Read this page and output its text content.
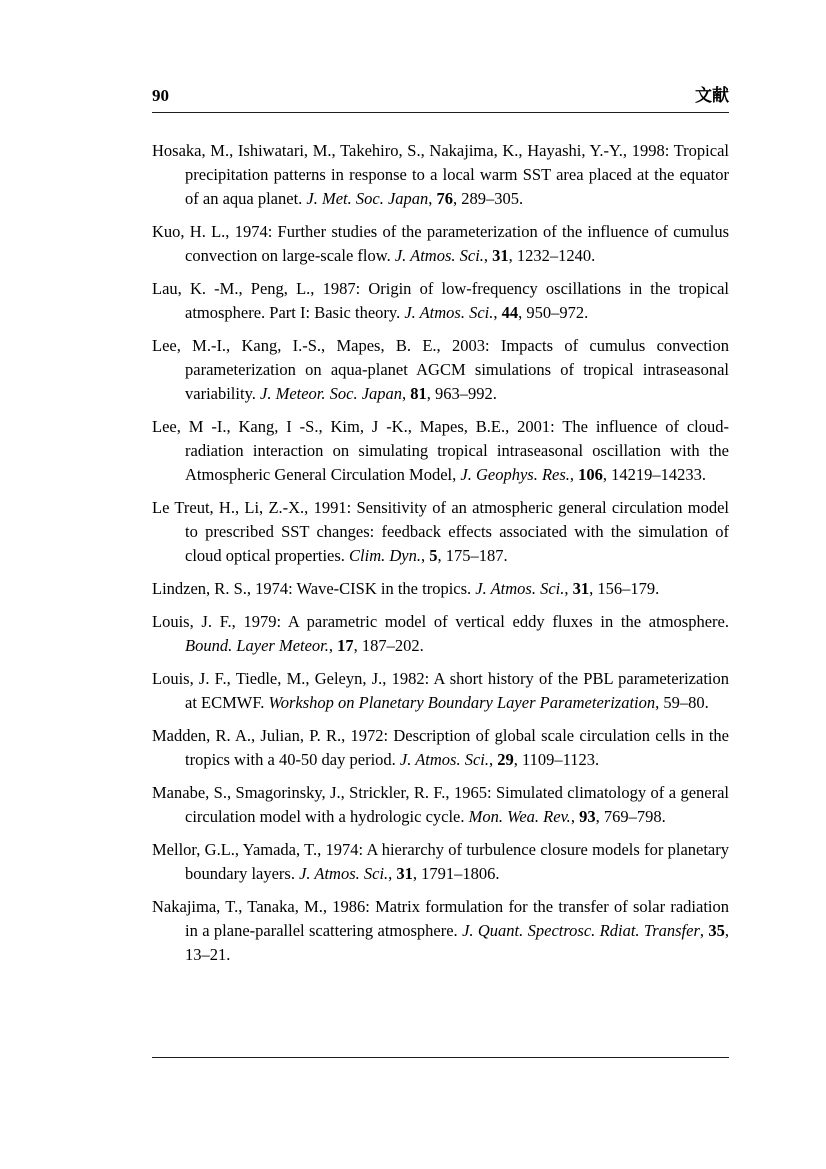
90	文献

Hosaka, M., Ishiwatari, M., Takehiro, S., Nakajima, K., Hayashi, Y.-Y., 1998: Tropical precipitation patterns in response to a local warm SST area placed at the equator of an aqua planet. J. Met. Soc. Japan, 76, 289–305.

Kuo, H. L., 1974: Further studies of the parameterization of the influence of cumulus convection on large-scale flow. J. Atmos. Sci., 31, 1232–1240.

Lau, K. -M., Peng, L., 1987: Origin of low-frequency oscillations in the tropical atmosphere. Part I: Basic theory. J. Atmos. Sci., 44, 950–972.

Lee, M.-I., Kang, I.-S., Mapes, B. E., 2003: Impacts of cumulus convection parameterization on aqua-planet AGCM simulations of tropical intraseasonal variability. J. Meteor. Soc. Japan, 81, 963–992.

Lee, M -I., Kang, I -S., Kim, J -K., Mapes, B.E., 2001: The influence of cloud-radiation interaction on simulating tropical intraseasonal oscillation with the Atmospheric General Circulation Model, J. Geophys. Res., 106, 14219–14233.

Le Treut, H., Li, Z.-X., 1991: Sensitivity of an atmospheric general circulation model to prescribed SST changes: feedback effects associated with the simulation of cloud optical properties. Clim. Dyn., 5, 175–187.

Lindzen, R. S., 1974: Wave-CISK in the tropics. J. Atmos. Sci., 31, 156–179.

Louis, J. F., 1979: A parametric model of vertical eddy fluxes in the atmosphere. Bound. Layer Meteor., 17, 187–202.

Louis, J. F., Tiedle, M., Geleyn, J., 1982: A short history of the PBL parameterization at ECMWF. Workshop on Planetary Boundary Layer Parameterization, 59–80.

Madden, R. A., Julian, P. R., 1972: Description of global scale circulation cells in the tropics with a 40-50 day period. J. Atmos. Sci., 29, 1109–1123.

Manabe, S., Smagorinsky, J., Strickler, R. F., 1965: Simulated climatology of a general circulation model with a hydrologic cycle. Mon. Wea. Rev., 93, 769–798.

Mellor, G.L., Yamada, T., 1974: A hierarchy of turbulence closure models for planetary boundary layers. J. Atmos. Sci., 31, 1791–1806.

Nakajima, T., Tanaka, M., 1986: Matrix formulation for the transfer of solar radiation in a plane-parallel scattering atmosphere. J. Quant. Spectrosc. Rdiat. Transfer, 35, 13–21.
